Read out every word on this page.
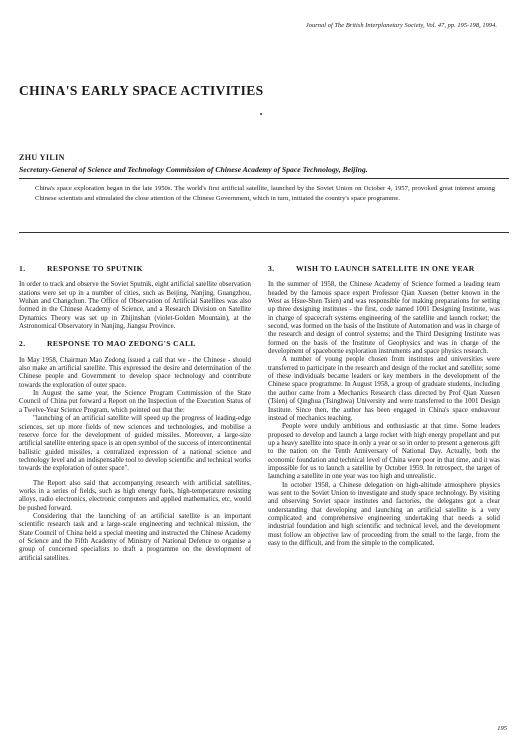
Journal of The British Interplanetary Society, Vol. 47, pp. 195-198, 1994.
CHINA'S EARLY SPACE ACTIVITIES
ZHU YILIN
Secretary-General of Science and Technology Commission of Chinese Academy of Space Technology, Beijing.
China's space exploration began in the late 1950s. The world's first artificial satellite, launched by the Soviet Union on October 4, 1957, provoked great interest among Chinese scientists and stimulated the close attention of the Chinese Government, which in turn, initiated the country's space programme.
1.	RESPONSE TO SPUTNIK

In order to track and observe the Soviet Sputnik, eight artificial satellite observation stations were set up in a number of cities, such as Beijing, Nanjing, Guangzhou, Wuhan and Changchun. The Office of Observation of Artificial Satellites was also formed in the Chinese Academy of Science, and a Research Division on Satellite Dynamics Theory was set up in Zhijinshan (violet-Golden Mountain), at the Astronomical Observatory in Nanjing, Jiangsu Province.

2.	RESPONSE TO MAO ZEDONG'S CALL

In May 1958, Chairman Mao Zedong issued a call that we - the Chinese - should also make an artificial satellite. This expressed the desire and determination of the Chinese people and Government to develop space technology and contribute towards the exploration of outer space.

In August the same year, the Science Program Commission of the State Council of China put forward a Report on the Inspection of the Execution Status of a Twelve-Year Science Program, which pointed out that the:

"launching of an artificial satellite will speed up the progress of leading-edge sciences, set up more fields of new sciences and technologies, and mobilise a reserve force for the development of guided missiles. Moreover, a large-size artificial satellite entering space is an open symbol of the success of intercontinental ballistic guided missiles, a centralized expression of a national science and technology level and an indispensable tool to develop scientific and technical works towards the exploration of outer space".

The Report also said that accompanying research with artificial satellites, works in a series of fields, such as high energy fuels, high-temperature resisting alloys, radio electronics, electronic computers and applied mathematics, etc, would be pushed forward.

Considering that the launching of an artificial satellite is an important scientific research task and a large-scale engineering and technical mission, the State Council of China held a special meeting and instructed the Chinese Academy of Science and the Fifth Academy of Ministry of National Defence to organise a group of concerned specialists to draft a programme on the development of artificial satellites.

3.	WISH TO LAUNCH SATELLITE IN ONE YEAR

In the summer of 1958, the Chinese Academy of Science formed a leading team headed by the famous space expert Professor Qian Xuesen (better known in the West as Hsue-Shen Tsien) and was responsible for making preparations for setting up three designing institutes - the first, code named 1001 Designing Institute, was in charge of spacecraft systems engineering of the satellite and launch rocket; the second, was formed on the basis of the Institute of Automation and was in charge of the research and design of control systems; and the Third Designing Institute was formed on the basis of the Institute of Geophysics and was in charge of the development of spaceborne exploration instruments and space physics research.

A number of young people chosen from institutes and universities were transferred to participate in the research and design of the rocket and satellite; some of these individuals became leaders or key members in the development of the Chinese space programme. In August 1958, a group of graduate students, including the author came from a Mechanics Research class directed by Prof Qian Xuesen (Tsien) of Qinghua (Tsinghwa) University and were transferred to the 1001 Design Institute. Since then, the author has been engaged in China's space endeavour instead of mechanics teaching.

People were unduly ambitious and enthusiastic at that time. Some leaders proposed to develop and launch a large rocket with high energy propellant and put up a heavy satellite into space in only a year or so in order to present a generous gift to the nation on the Tenth Anniversary of National Day. Actually, both the economic foundation and technical level of China were poor in that time, and it was impossible for us to launch a satellite by October 1959. In retrospect, the target of launching a satellite in one year was too high and unrealistic.

In october 1958, a Chinese delegation on high-altitude atmosphere physics was sent to the Soviet Union to investigate and study space technology. By visiting and observing Soviet space institutes and factories, the delegates got a clear understanding that developing and launching an artificial satellite is a very complicated and comprehensive engineering undertaking that needs a solid industrial foundation and high scientific and technical level, and the development must follow an objective law of proceeding from the small to the large, from the easy to the difficult, and from the simple to the complicated.

195
